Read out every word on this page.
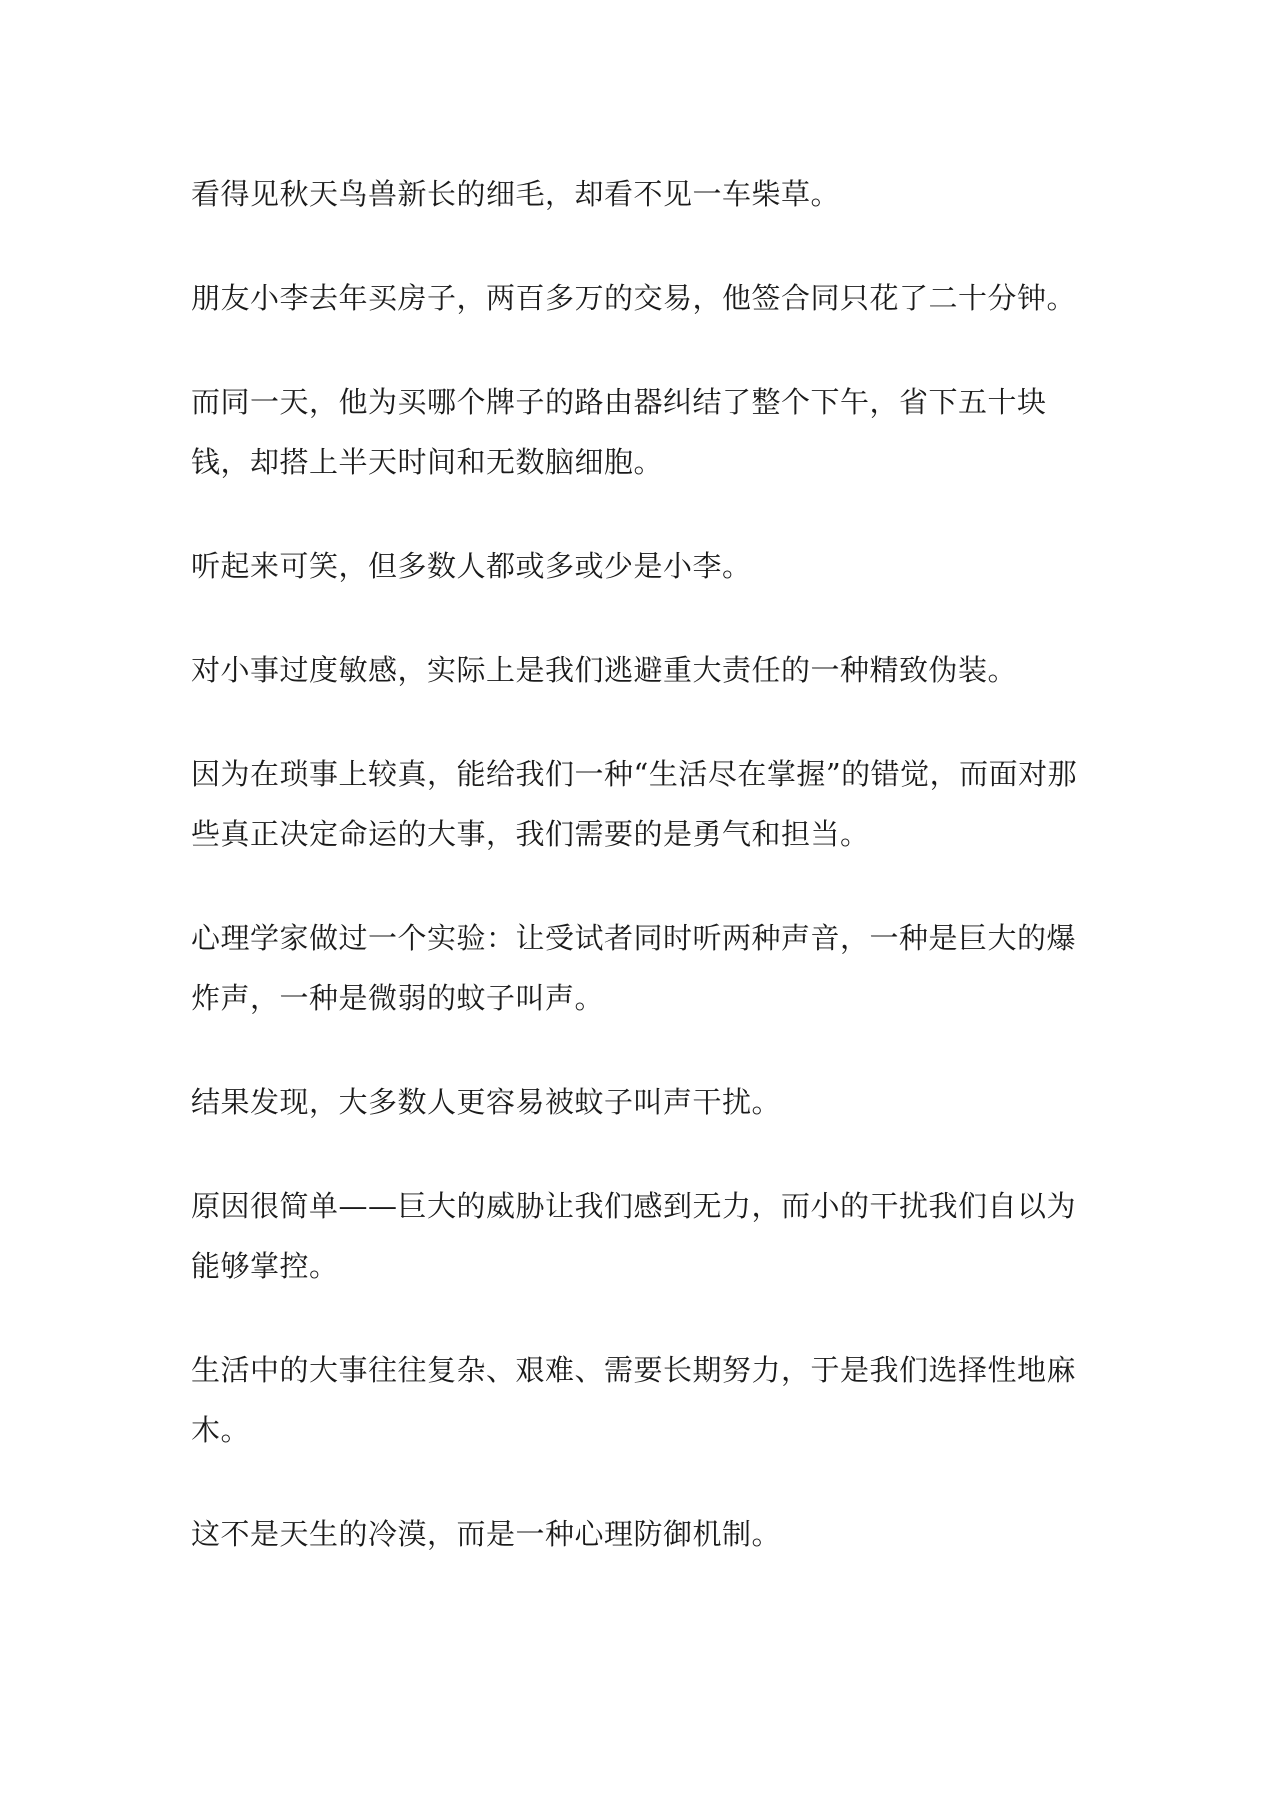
看得见秋天鸟兽新长的细毛，却看不见一车柴草。

朋友小李去年买房子，两百多万的交易，他签合同只花了二十分钟。

而同一天，他为买哪个牌子的路由器纠结了整个下午，省下五十块钱，却搭上半天时间和无数脑细胞。

听起来可笑，但多数人都或多或少是小李。

对小事过度敏感，实际上是我们逃避重大责任的一种精致伪装。

因为在琐事上较真，能给我们一种“生活尽在掌握”的错觉，而面对那些真正决定命运的大事，我们需要的是勇气和担当。

心理学家做过一个实验：让受试者同时听两种声音，一种是巨大的爆炸声，一种是微弱的蚊子叫声。

结果发现，大多数人更容易被蚊子叫声干扰。

原因很简单——巨大的威胁让我们感到无力，而小的干扰我们自以为能够掌控。

生活中的大事往往复杂、艰难、需要长期努力，于是我们选择性地麻木。

这不是天生的冷漠，而是一种心理防御机制。
